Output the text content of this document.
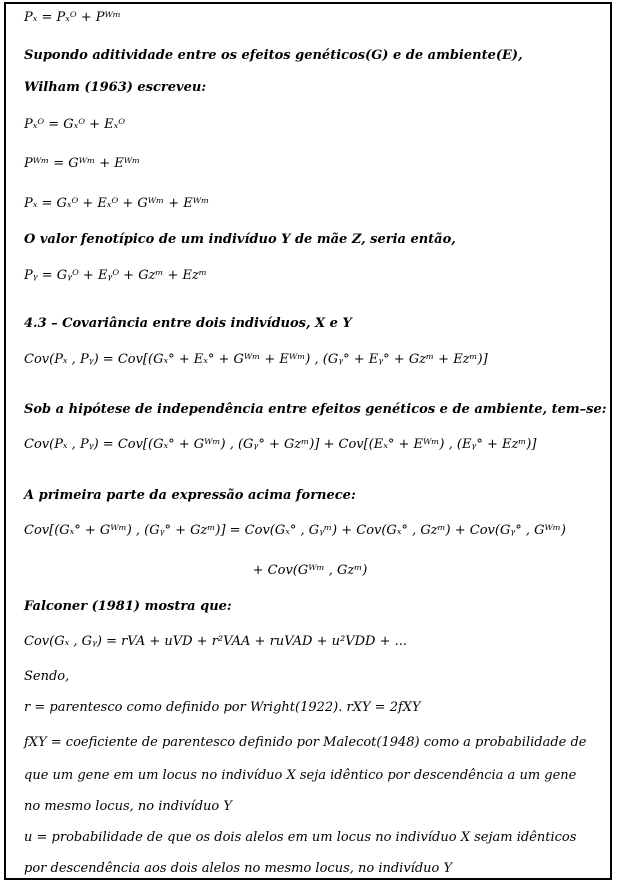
Pₓ = Pₓᴼ + Pᵂᵐ
Supondo aditividade entre os efeitos genéticos(G) e de ambiente(E),
Wilham (1963) escreveu:
Pₓᴼ = Gₓᴼ + Eₓᴼ
Pᵂᵐ = Gᵂᵐ + Eᵂᵐ
Pₓ = Gₓᴼ + Eₓᴼ + Gᵂᵐ + Eᵂᵐ
O valor fenotípico de um indivíduo Y de mãe Z, seria então,
Pᵧ = Gᵧᴼ + Eᵧᴼ + Gzᵐ + Ezᵐ
4.3 – Covariância entre dois indivíduos, X e Y
Cov(Pₓ , Pᵧ) = Cov[(Gₓ° + Eₓ° + Gᵂᵐ + Eᵂᵐ) , (Gᵧ° + Eᵧ° + Gzᵐ + Ezᵐ)]
Sob a hipótese de independência entre efeitos genéticos e de ambiente, tem–se:
Cov(Pₓ , Pᵧ) = Cov[(Gₓ° + Gᵂᵐ) , (Gᵧ° + Gzᵐ)] + Cov[(Eₓ° + Eᵂᵐ) , (Eᵧ° + Ezᵐ)]
A primeira parte da expressão acima fornece:
Cov[(Gₓ° + Gᵂᵐ) , (Gᵧ° + Gzᵐ)] = Cov(Gₓ° , Gᵧᵐ) + Cov(Gₓ° , Gzᵐ) + Cov(Gᵧ° , Gᵂᵐ)
+ Cov(Gᵂᵐ , Gzᵐ)
Falconer (1981) mostra que:
Cov(Gₓ , Gᵧ) = rVA + uVD + r²VAA + ruVAD + u²VDD + ...
Sendo,
r = parentesco como definido por Wright(1922). rXY = 2fXY
fXY = coeficiente de parentesco definido por Malecot(1948) como a probabilidade de
que um gene em um locus no indivíduo X seja idêntico por descendência a um gene
no mesmo locus, no indivíduo Y
u = probabilidade de que os dois alelos em um locus no indivíduo X sejam idênticos
por descendência aos dois alelos no mesmo locus, no indivíduo Y
